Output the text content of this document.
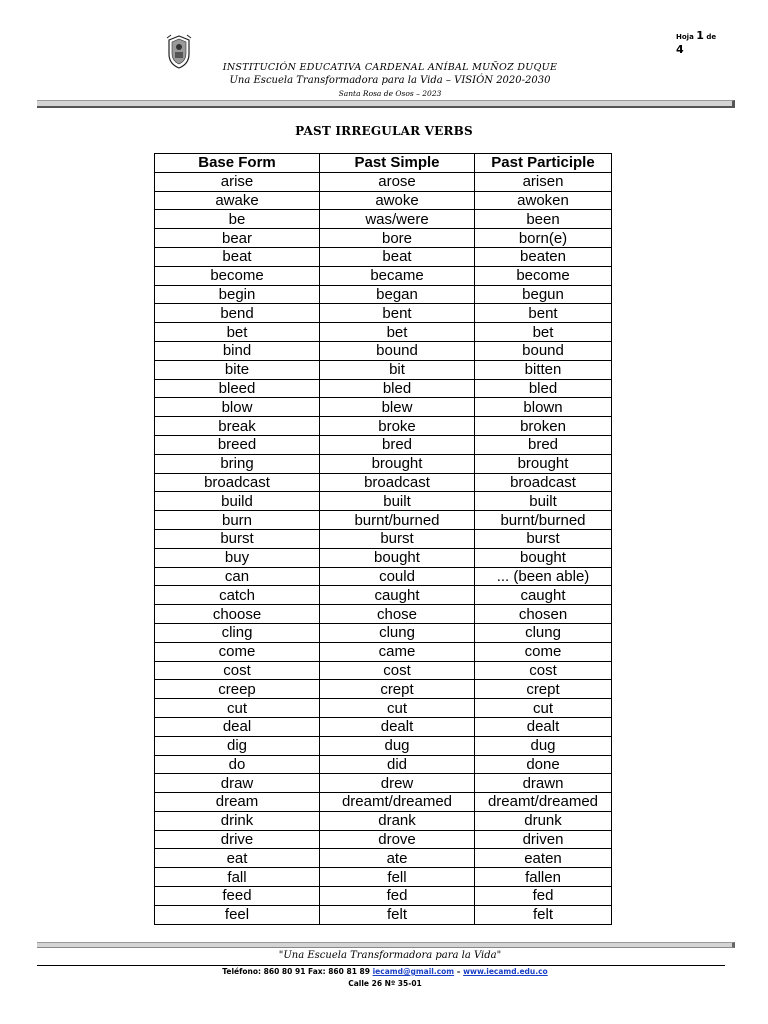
Hoja 1 de
4
INSTITUCIÓN EDUCATIVA CARDENAL ANÍBAL MUÑOZ DUQUE
Una Escuela Transformadora para la Vida – VISIÓN 2020-2030
Santa Rosa de Osos – 2023
PAST IRREGULAR VERBS
Base Form	Past Simple	Past Participle
arise	arose	arisen
awake	awoke	awoken
be	was/were	been
bear	bore	born(e)
beat	beat	beaten
become	became	become
begin	began	begun
bend	bent	bent
bet	bet	bet
bind	bound	bound
bite	bit	bitten
bleed	bled	bled
blow	blew	blown
break	broke	broken
breed	bred	bred
bring	brought	brought
broadcast	broadcast	broadcast
build	built	built
burn	burnt/burned	burnt/burned
burst	burst	burst
buy	bought	bought
can	could	... (been able)
catch	caught	caught
choose	chose	chosen
cling	clung	clung
come	came	come
cost	cost	cost
creep	crept	crept
cut	cut	cut
deal	dealt	dealt
dig	dug	dug
do	did	done
draw	drew	drawn
dream	dreamt/dreamed	dreamt/dreamed
drink	drank	drunk
drive	drove	driven
eat	ate	eaten
fall	fell	fallen
feed	fed	fed
feel	felt	felt
"Una Escuela Transformadora para la Vida"
Teléfono: 860 80 91 Fax: 860 81 89 iecamd@gmail.com – www.iecamd.edu.co
Calle 26 Nº 35-01
